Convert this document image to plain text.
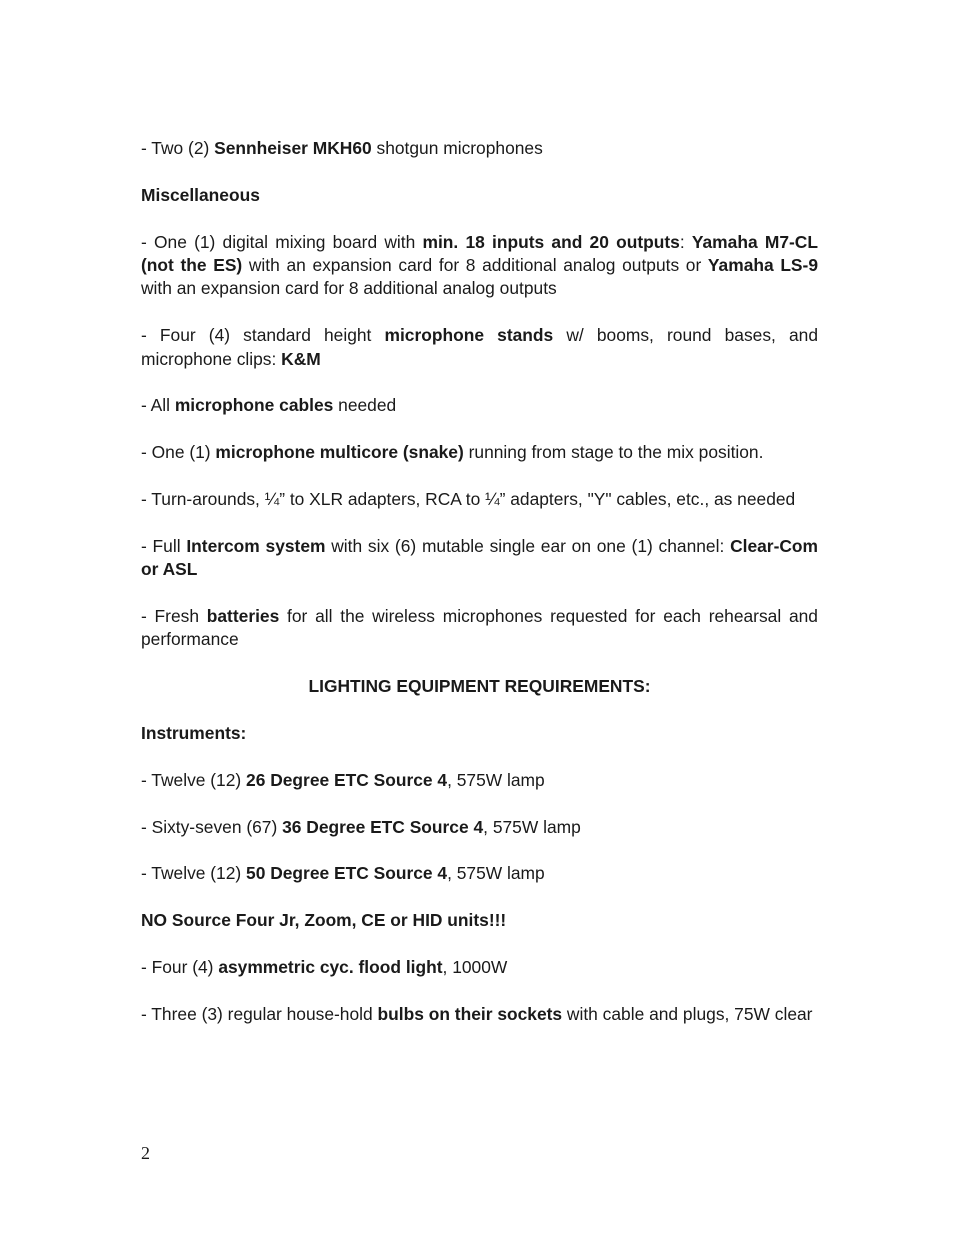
- Two (2) Sennheiser MKH60 shotgun microphones

Miscellaneous

- One (1) digital mixing board with min. 18 inputs and 20 outputs: Yamaha M7-CL (not the ES) with an expansion card for 8 additional analog outputs or Yamaha LS-9 with an expansion card for 8 additional analog outputs

- Four (4) standard height microphone stands w/ booms, round bases, and microphone clips: K&M

- All microphone cables needed

- One (1) microphone multicore (snake) running from stage to the mix position.

- Turn-arounds, ¼” to XLR adapters, RCA to ¼” adapters, "Y" cables, etc., as needed

- Full Intercom system with six (6) mutable single ear on one (1) channel: Clear-Com or ASL

- Fresh batteries for all the wireless microphones requested for each rehearsal and performance

LIGHTING EQUIPMENT REQUIREMENTS:

Instruments:

- Twelve (12) 26 Degree ETC Source 4, 575W lamp

- Sixty-seven (67) 36 Degree ETC Source 4, 575W lamp

- Twelve (12) 50 Degree ETC Source 4, 575W lamp

NO Source Four Jr, Zoom, CE or HID units!!!

- Four (4) asymmetric cyc. flood light, 1000W

- Three (3) regular house-hold bulbs on their sockets with cable and plugs, 75W clear

2
